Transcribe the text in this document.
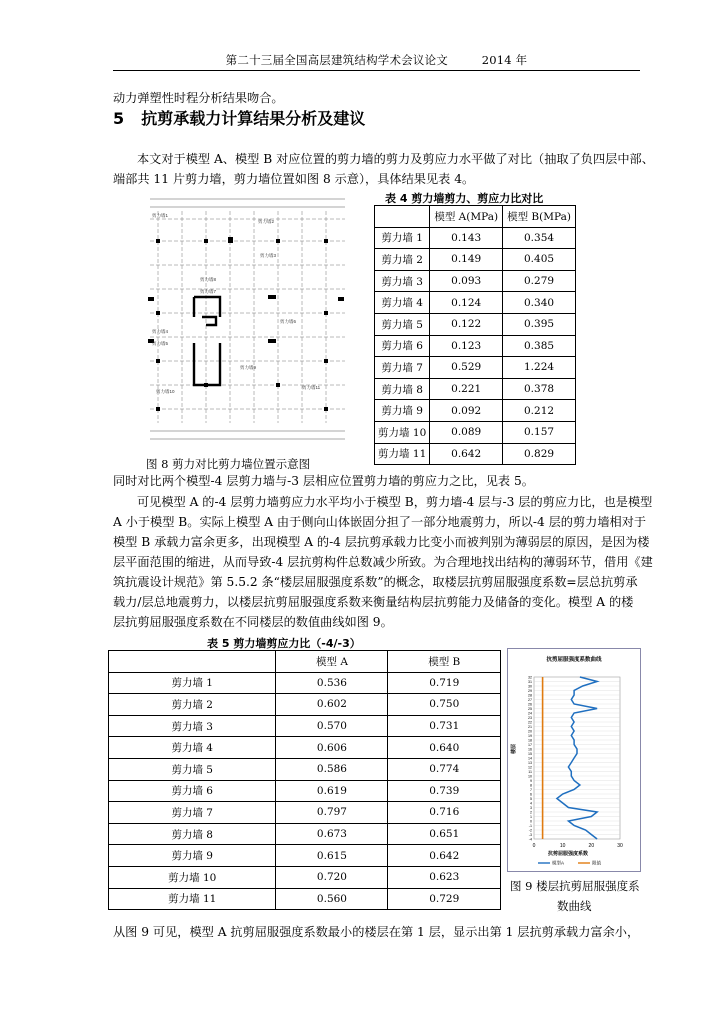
第二十三届全国高层建筑结构学术会议论文	2014 年
动力弹塑性时程分析结果吻合。
5 抗剪承载力计算结果分析及建议
本文对于模型 A、模型 B 对应位置的剪力墙的剪力及剪应力水平做了对比（抽取了负四层中部、
端部共 11 片剪力墙，剪力墙位置如图 8 示意），具体结果见表 4。
剪力墙1
剪力墙2
剪力墙3
剪力墙4
剪力墙5
剪力墙6
剪力墙7
剪力墙8
剪力墙9
剪力墙10
剪力墙11
图 8 剪力对比剪力墙位置示意图
表 4 剪力墙剪力、剪应力比对比
	模型 A(MPa)	模型 B(MPa)
剪力墙 1	0.143	0.354
剪力墙 2	0.149	0.405
剪力墙 3	0.093	0.279
剪力墙 4	0.124	0.340
剪力墙 5	0.122	0.395
剪力墙 6	0.123	0.385
剪力墙 7	0.529	1.224
剪力墙 8	0.221	0.378
剪力墙 9	0.092	0.212
剪力墙 10	0.089	0.157
剪力墙 11	0.642	0.829
同时对比两个模型-4 层剪力墙与-3 层相应位置剪力墙的剪应力之比，见表 5。
可见模型 A 的-4 层剪力墙剪应力水平均小于模型 B，剪力墙-4 层与-3 层的剪应力比，也是模型
A 小于模型 B。实际上模型 A 由于侧向山体嵌固分担了一部分地震剪力，所以-4 层的剪力墙相对于
模型 B 承载力富余更多，出现模型 A 的-4 层抗剪承载力比变小而被判别为薄弱层的原因，是因为楼
层平面范围的缩进，从而导致-4 层抗剪构件总数减少所致。为合理地找出结构的薄弱环节，借用《建
筑抗震设计规范》第 5.5.2 条“楼层屈服强度系数”的概念，取楼层抗剪屈服强度系数=层总抗剪承
载力/层总地震剪力，以楼层抗剪屈服强度系数来衡量结构层抗剪能力及储备的变化。模型 A 的楼
层抗剪屈服强度系数在不同楼层的数值曲线如图 9。
表 5 剪力墙剪应力比（-4/-3）
	模型 A	模型 B
剪力墙 1	0.536	0.719
剪力墙 2	0.602	0.750
剪力墙 3	0.570	0.731
剪力墙 4	0.606	0.640
剪力墙 5	0.586	0.774
剪力墙 6	0.619	0.739
剪力墙 7	0.797	0.716
剪力墙 8	0.673	0.651
剪力墙 9	0.615	0.642
剪力墙 10	0.720	0.623
剪力墙 11	0.560	0.729
抗剪屈服强度系数曲线
-4
-3
-2
-1
0
1
2
3
4
5
6
7
8
9
10
11
12
13
14
15
16
17
18
19
20
21
22
23
24
25
26
27
28
29
30
31
32
0	10	20	30
楼层
抗剪屈服强度系数
模型A	限值
图 9 楼层抗剪屈服强度系
数曲线
从图 9 可见，模型 A 抗剪屈服强度系数最小的楼层在第 1 层，显示出第 1 层抗剪承载力富余小，
